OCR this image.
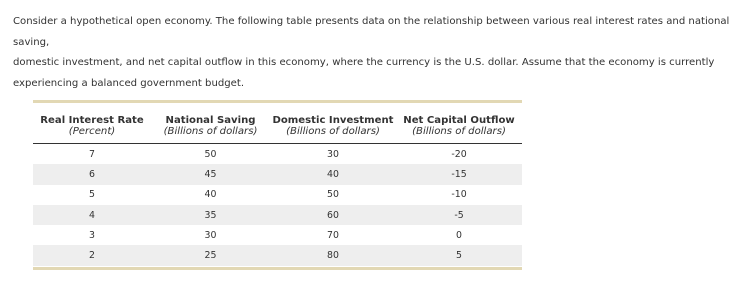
Consider a hypothetical open economy. The following table presents data on the relationship between various real interest rates and national saving,
domestic investment, and net capital outflow in this economy, where the currency is the U.S. dollar. Assume that the economy is currently
experiencing a balanced government budget.
Real Interest Rate	National Saving	Domestic Investment	Net Capital Outflow
(Percent)	(Billions of dollars)	(Billions of dollars)	(Billions of dollars)
7	50	30	-20
6	45	40	-15
5	40	50	-10
4	35	60	-5
3	30	70	0
2	25	80	5
